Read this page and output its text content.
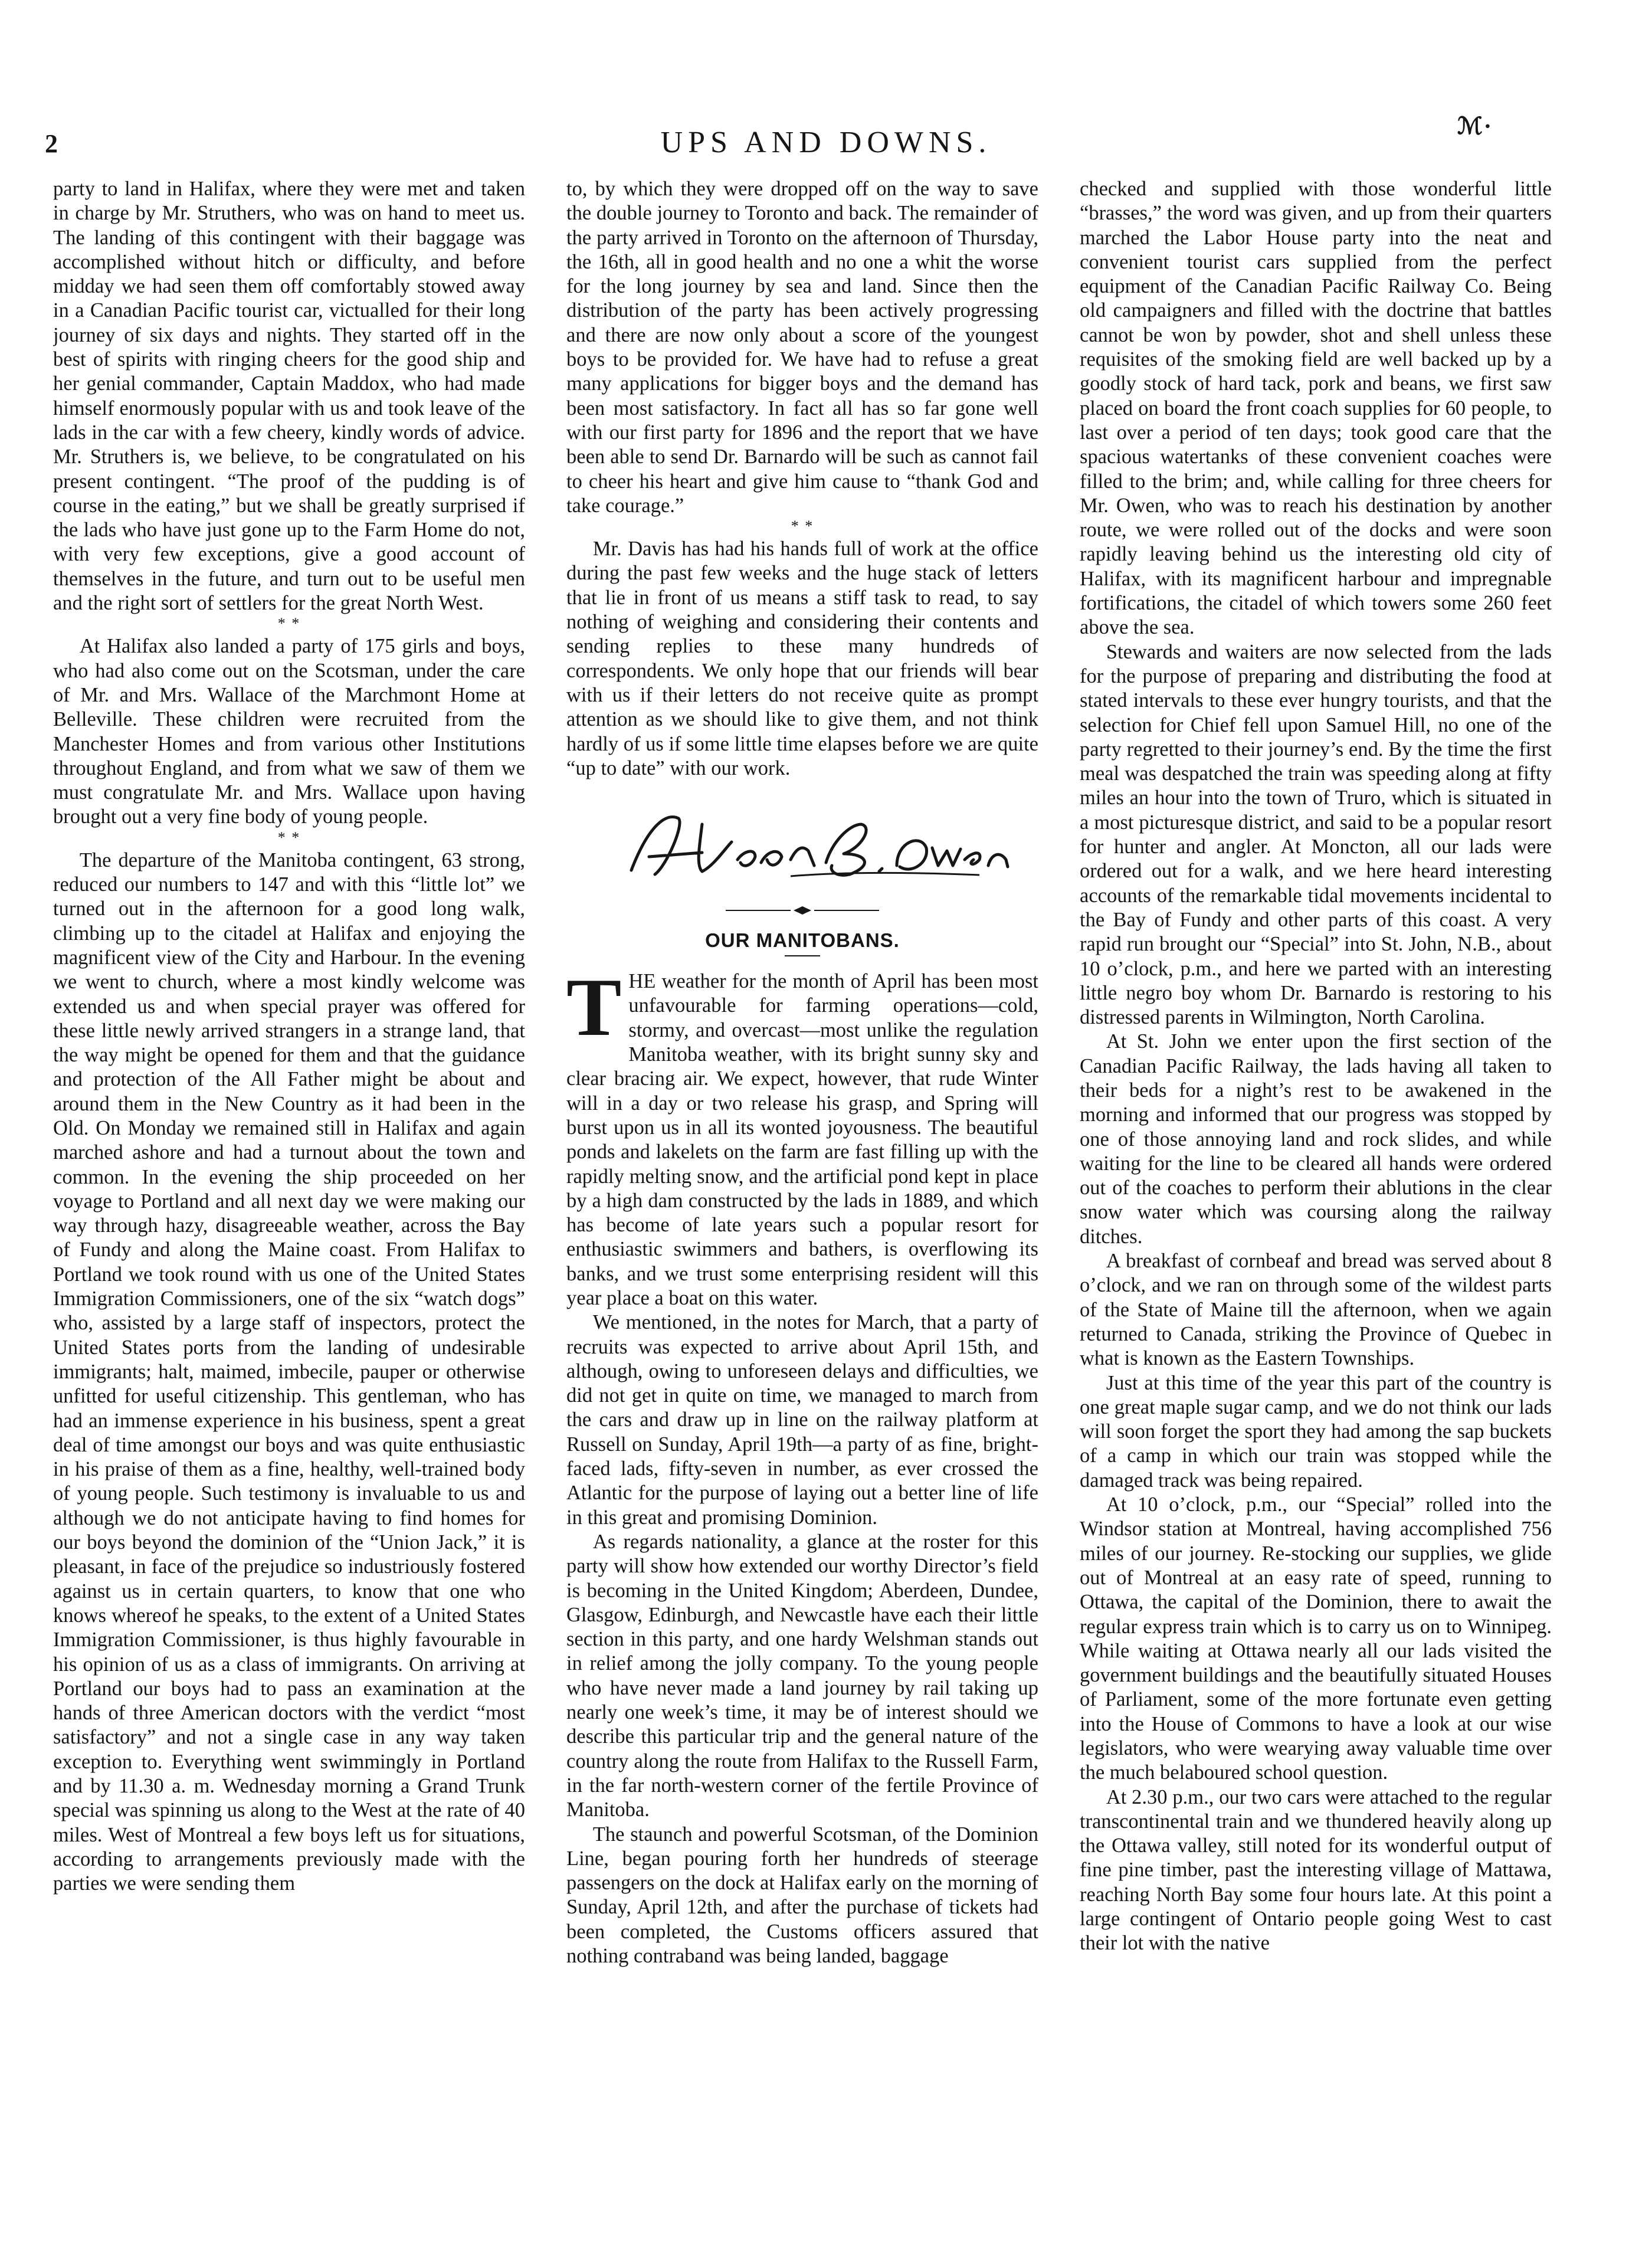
2	UPS AND DOWNS.	ℳ·

party to land in Halifax, where they were met and taken in charge by Mr. Struthers, who was on hand to meet us. The landing of this contingent with their baggage was accomplished without hitch or difficulty, and before midday we had seen them off comfortably stowed away in a Canadian Pacific tourist car, victualled for their long journey of six days and nights. They started off in the best of spirits with ringing cheers for the good ship and her genial commander, Captain Maddox, who had made himself enormously popular with us and took leave of the lads in the car with a few cheery, kindly words of advice. Mr. Struthers is, we believe, to be congratulated on his present contingent. “The proof of the pudding is of course in the eating,” but we shall be greatly surprised if the lads who have just gone up to the Farm Home do not, with very few exceptions, give a good account of themselves in the future, and turn out to be useful men and the right sort of settlers for the great North West.

* *

At Halifax also landed a party of 175 girls and boys, who had also come out on the Scotsman, under the care of Mr. and Mrs. Wallace of the Marchmont Home at Belleville. These children were recruited from the Manchester Homes and from various other Institutions throughout England, and from what we saw of them we must congratulate Mr. and Mrs. Wallace upon having brought out a very fine body of young people.

* *

The departure of the Manitoba contingent, 63 strong, reduced our numbers to 147 and with this “little lot” we turned out in the afternoon for a good long walk, climbing up to the citadel at Halifax and enjoying the magnificent view of the City and Harbour. In the evening we went to church, where a most kindly welcome was extended us and when special prayer was offered for these little newly arrived strangers in a strange land, that the way might be opened for them and that the guidance and protection of the All Father might be about and around them in the New Country as it had been in the Old. On Monday we remained still in Halifax and again marched ashore and had a turnout about the town and common. In the evening the ship proceeded on her voyage to Portland and all next day we were making our way through hazy, disagreeable weather, across the Bay of Fundy and along the Maine coast. From Halifax to Portland we took round with us one of the United States Immigration Commissioners, one of the six “watch dogs” who, assisted by a large staff of inspectors, protect the United States ports from the landing of undesirable immigrants; halt, maimed, imbecile, pauper or otherwise unfitted for useful citizenship. This gentleman, who has had an immense experience in his business, spent a great deal of time amongst our boys and was quite enthusiastic in his praise of them as a fine, healthy, well-trained body of young people. Such testimony is invaluable to us and although we do not anticipate having to find homes for our boys beyond the dominion of the “Union Jack,” it is pleasant, in face of the prejudice so industriously fostered against us in certain quarters, to know that one who knows whereof he speaks, to the extent of a United States Immigration Commissioner, is thus highly favourable in his opinion of us as a class of immigrants. On arriving at Portland our boys had to pass an examination at the hands of three American doctors with the verdict “most satisfactory” and not a single case in any way taken exception to. Everything went swimmingly in Portland and by 11.30 a. m. Wednesday morning a Grand Trunk special was spinning us along to the West at the rate of 40 miles. West of Montreal a few boys left us for situations, according to arrangements previously made with the parties we were sending them

to, by which they were dropped off on the way to save the double journey to Toronto and back. The remainder of the party arrived in Toronto on the afternoon of Thursday, the 16th, all in good health and no one a whit the worse for the long journey by sea and land. Since then the distribution of the party has been actively progressing and there are now only about a score of the youngest boys to be provided for. We have had to refuse a great many applications for bigger boys and the demand has been most satisfactory. In fact all has so far gone well with our first party for 1896 and the report that we have been able to send Dr. Barnardo will be such as cannot fail to cheer his heart and give him cause to “thank God and take courage.”

* *

Mr. Davis has had his hands full of work at the office during the past few weeks and the huge stack of letters that lie in front of us means a stiff task to read, to say nothing of weighing and considering their contents and sending replies to these many hundreds of correspondents. We only hope that our friends will bear with us if their letters do not receive quite as prompt attention as we should like to give them, and not think hardly of us if some little time elapses before we are quite “up to date” with our work.

OUR MANITOBANS.

THE weather for the month of April has been most unfavourable for farming operations—cold, stormy, and overcast—most unlike the regulation Manitoba weather, with its bright sunny sky and clear bracing air. We expect, however, that rude Winter will in a day or two release his grasp, and Spring will burst upon us in all its wonted joyousness. The beautiful ponds and lakelets on the farm are fast filling up with the rapidly melting snow, and the artificial pond kept in place by a high dam constructed by the lads in 1889, and which has become of late years such a popular resort for enthusiastic swimmers and bathers, is overflowing its banks, and we trust some enterprising resident will this year place a boat on this water.

We mentioned, in the notes for March, that a party of recruits was expected to arrive about April 15th, and although, owing to unforeseen delays and difficulties, we did not get in quite on time, we managed to march from the cars and draw up in line on the railway platform at Russell on Sunday, April 19th—a party of as fine, bright-faced lads, fifty-seven in number, as ever crossed the Atlantic for the purpose of laying out a better line of life in this great and promising Dominion.

As regards nationality, a glance at the roster for this party will show how extended our worthy Director’s field is becoming in the United Kingdom; Aberdeen, Dundee, Glasgow, Edinburgh, and Newcastle have each their little section in this party, and one hardy Welshman stands out in relief among the jolly company. To the young people who have never made a land journey by rail taking up nearly one week’s time, it may be of interest should we describe this particular trip and the general nature of the country along the route from Halifax to the Russell Farm, in the far north-western corner of the fertile Province of Manitoba.

The staunch and powerful Scotsman, of the Dominion Line, began pouring forth her hundreds of steerage passengers on the dock at Halifax early on the morning of Sunday, April 12th, and after the purchase of tickets had been completed, the Customs officers assured that nothing contraband was being landed, baggage

checked and supplied with those wonderful little “brasses,” the word was given, and up from their quarters marched the Labor House party into the neat and convenient tourist cars supplied from the perfect equipment of the Canadian Pacific Railway Co. Being old campaigners and filled with the doctrine that battles cannot be won by powder, shot and shell unless these requisites of the smoking field are well backed up by a goodly stock of hard tack, pork and beans, we first saw placed on board the front coach supplies for 60 people, to last over a period of ten days; took good care that the spacious watertanks of these convenient coaches were filled to the brim; and, while calling for three cheers for Mr. Owen, who was to reach his destination by another route, we were rolled out of the docks and were soon rapidly leaving behind us the interesting old city of Halifax, with its magnificent harbour and impregnable fortifications, the citadel of which towers some 260 feet above the sea.

Stewards and waiters are now selected from the lads for the purpose of preparing and distributing the food at stated intervals to these ever hungry tourists, and that the selection for Chief fell upon Samuel Hill, no one of the party regretted to their journey’s end. By the time the first meal was despatched the train was speeding along at fifty miles an hour into the town of Truro, which is situated in a most picturesque district, and said to be a popular resort for hunter and angler. At Moncton, all our lads were ordered out for a walk, and we here heard interesting accounts of the remarkable tidal movements incidental to the Bay of Fundy and other parts of this coast. A very rapid run brought our “Special” into St. John, N.B., about 10 o’clock, p.m., and here we parted with an interesting little negro boy whom Dr. Barnardo is restoring to his distressed parents in Wilmington, North Carolina.

At St. John we enter upon the first section of the Canadian Pacific Railway, the lads having all taken to their beds for a night’s rest to be awakened in the morning and informed that our progress was stopped by one of those annoying land and rock slides, and while waiting for the line to be cleared all hands were ordered out of the coaches to perform their ablutions in the clear snow water which was coursing along the railway ditches.

A breakfast of cornbeaf and bread was served about 8 o’clock, and we ran on through some of the wildest parts of the State of Maine till the afternoon, when we again returned to Canada, striking the Province of Quebec in what is known as the Eastern Townships.

Just at this time of the year this part of the country is one great maple sugar camp, and we do not think our lads will soon forget the sport they had among the sap buckets of a camp in which our train was stopped while the damaged track was being repaired.

At 10 o’clock, p.m., our “Special” rolled into the Windsor station at Montreal, having accomplished 756 miles of our journey. Re-stocking our supplies, we glide out of Montreal at an easy rate of speed, running to Ottawa, the capital of the Dominion, there to await the regular express train which is to carry us on to Winnipeg. While waiting at Ottawa nearly all our lads visited the government buildings and the beautifully situated Houses of Parliament, some of the more fortunate even getting into the House of Commons to have a look at our wise legislators, who were wearying away valuable time over the much belaboured school question.

At 2.30 p.m., our two cars were attached to the regular transcontinental train and we thundered heavily along up the Ottawa valley, still noted for its wonderful output of fine pine timber, past the interesting village of Mattawa, reaching North Bay some four hours late. At this point a large contingent of Ontario people going West to cast their lot with the native
